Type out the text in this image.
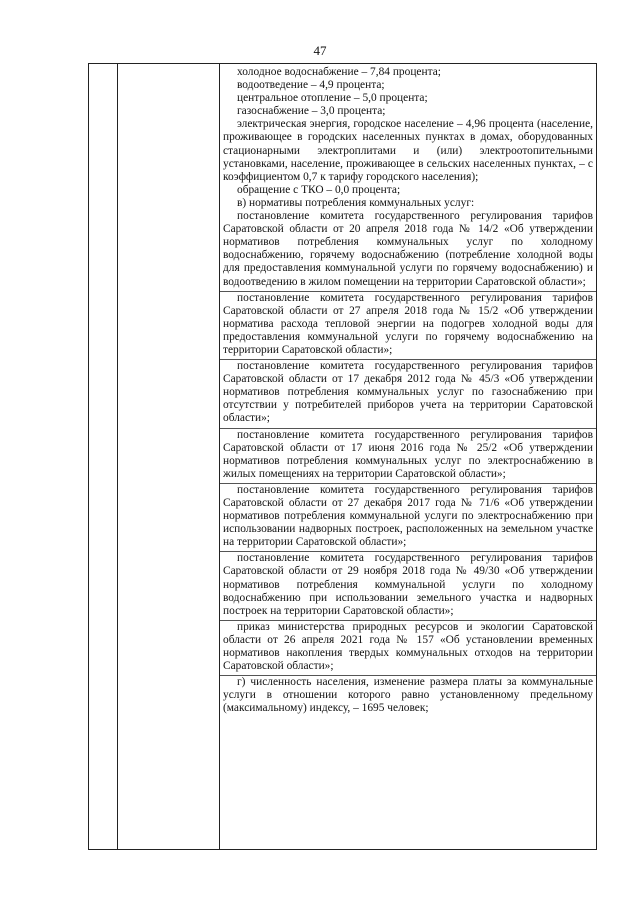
47

холодное водоснабжение – 7,84 процента;

водоотведение – 4,9 процента;

центральное отопление – 5,0 процента;

газоснабжение – 3,0 процента;

электрическая энергия, городское население – 4,96 процента (население, проживающее в городских населенных пунктах в домах, оборудованных стационарными электроплитами и (или) электроотопительными установками, население, проживающее в сельских населенных пунктах, – с коэффициентом 0,7 к тарифу городского населения);

обращение с ТКО – 0,0 процента;

в) нормативы потребления коммунальных услуг:

постановление комитета государственного регулирования тарифов Саратовской области от 20 апреля 2018 года № 14/2 «Об утверждении нормативов потребления коммунальных услуг по холодному водоснабжению, горячему водоснабжению (потребление холодной воды для предоставления коммунальной услуги по горячему водоснабжению) и водоотведению в жилом помещении на территории Саратовской области»;

постановление комитета государственного регулирования тарифов Саратовской области от 27 апреля 2018 года № 15/2 «Об утверждении норматива расхода тепловой энергии на подогрев холодной воды для предоставления коммунальной услуги по горячему водоснабжению на территории Саратовской области»;

постановление комитета государственного регулирования тарифов Саратовской области от 17 декабря 2012 года № 45/3 «Об утверждении нормативов потребления коммунальных услуг по газоснабжению при отсутствии у потребителей приборов учета на территории Саратовской области»;

постановление комитета государственного регулирования тарифов Саратовской области от 17 июня 2016 года № 25/2 «Об утверждении нормативов потребления коммунальных услуг по электроснабжению в жилых помещениях на территории Саратовской области»;

постановление комитета государственного регулирования тарифов Саратовской области от 27 декабря 2017 года № 71/6 «Об утверждении нормативов потребления коммунальной услуги по электроснабжению при использовании надворных построек, расположенных на земельном участке на территории Саратовской области»;

постановление комитета государственного регулирования тарифов Саратовской области от 29 ноября 2018 года № 49/30 «Об утверждении нормативов потребления коммунальной услуги по холодному водоснабжению при использовании земельного участка и надворных построек на территории Саратовской области»;

приказ министерства природных ресурсов и экологии Саратовской области от 26 апреля 2021 года № 157 «Об установлении временных нормативов накопления твердых коммунальных отходов на территории Саратовской области»;

г) численность населения, изменение размера платы за коммунальные услуги в отношении которого равно установленному предельному (максимальному) индексу, – 1695 человек;
